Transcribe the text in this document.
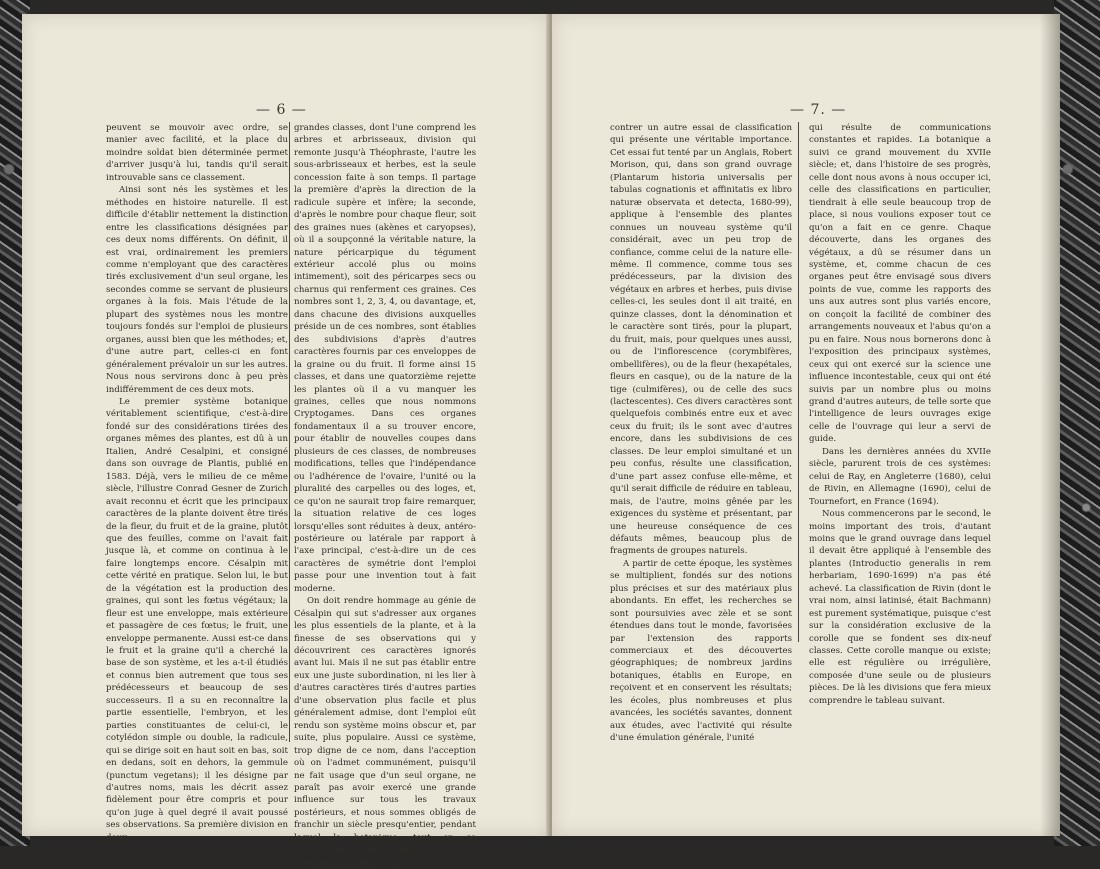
— 6 —

peuvent se mouvoir avec ordre, se manier avec facilité, et la place du moindre soldat bien déterminée permet d'arriver jusqu'à lui, tandis qu'il serait introuvable sans ce classement.

Ainsi sont nés les systèmes et les méthodes en histoire naturelle. Il est difficile d'établir nettement la distinction entre les classifications désignées par ces deux noms différents. On définit, il est vrai, ordinairement les premiers comme n'employant que des caractères tirés exclusivement d'un seul organe, les secondes comme se servant de plusieurs organes à la fois. Mais l'étude de la plupart des systèmes nous les montre toujours fondés sur l'emploi de plusieurs organes, aussi bien que les méthodes; et, d'une autre part, celles-ci en font généralement prévaloir un sur les autres. Nous nous servirons donc à peu près indifféremment de ces deux mots.

Le premier système botanique véritablement scientifique, c'est-à-dire fondé sur des considérations tirées des organes mêmes des plantes, est dû à un Italien, André Cesalpini, et consigné dans son ouvrage de Plantis, publié en 1583. Déjà, vers le milieu de ce même siècle, l'illustre Conrad Gesner de Zurich avait reconnu et écrit que les principaux caractères de la plante doivent être tirés de la fleur, du fruit et de la graine, plutôt que des feuilles, comme on l'avait fait jusque là, et comme on continua à le faire longtemps encore. Césalpin mit cette vérité en pratique. Selon lui, le but de la végétation est la production des graines, qui sont les fœtus végétaux; la fleur est une enveloppe, mais extérieure et passagère de ces fœtus; le fruit, une enveloppe permanente. Aussi est-ce dans le fruit et la graine qu'il a cherché la base de son système, et les a-t-il étudiés et connus bien autrement que tous ses prédécesseurs et beaucoup de ses successeurs. Il a su en reconnaître la partie essentielle, l'embryon, et les parties constituantes de celui-ci, le cotylédon simple ou double, la radicule, qui se dirige soit en haut soit en bas, soit en dedans, soit en dehors, la gemmule (punctum vegetans); il les désigne par d'autres noms, mais les décrit assez fidèlement pour être compris et pour qu'on juge à quel degré il avait poussé ses observations. Sa première division en deux

grandes classes, dont l'une comprend les arbres et arbrisseaux, division qui remonte jusqu'à Théophraste, l'autre les sous-arbrisseaux et herbes, est la seule concession faite à son temps. Il partage la première d'après la direction de la radicule supère et infère; la seconde, d'après le nombre pour chaque fleur, soit des graines nues (akènes et caryopses), où il a soupçonné la véritable nature, la nature péricarpique du tégument extérieur accolé plus ou moins intimement), soit des péricarpes secs ou charnus qui renferment ces graines. Ces nombres sont 1, 2, 3, 4, ou davantage, et, dans chacune des divisions auxquelles préside un de ces nombres, sont établies des subdivisions d'après d'autres caractères fournis par ces enveloppes de la graine ou du fruit. Il forme ainsi 15 classes, et dans une quatorzième rejette les plantes où il a vu manquer les graines, celles que nous nommons Cryptogames. Dans ces organes fondamentaux il a su trouver encore, pour établir de nouvelles coupes dans plusieurs de ces classes, de nombreuses modifications, telles que l'indépendance ou l'adhérence de l'ovaire, l'unité ou la pluralité des carpelles ou des loges, et, ce qu'on ne saurait trop faire remarquer, la situation relative de ces loges lorsqu'elles sont réduites à deux, antéro-postérieure ou latérale par rapport à l'axe principal, c'est-à-dire un de ces caractères de symétrie dont l'emploi passe pour une invention tout à fait moderne.

On doit rendre hommage au génie de Césalpin qui sut s'adresser aux organes les plus essentiels de la plante, et à la finesse de ses observations qui y découvrirent ces caractères ignorés avant lui. Mais il ne sut pas établir entre eux une juste subordination, ni les lier à d'autres caractères tirés d'autres parties d'une observation plus facile et plus généralement admise, dont l'emploi eût rendu son système moins obscur et, par suite, plus populaire. Aussi ce système, trop digne de ce nom, dans l'acception où on l'admet communément, puisqu'il ne fait usage que d'un seul organe, ne paraît pas avoir exercé une grande influence sur tous les travaux postérieurs, et nous sommes obligés de franchir un siècle presqu'entier, pendant lequel la botanique, tout en se perfectionnant, resta dans ses anciens errements, avant de ren-

— 7. —

contrer un autre essai de classification qui présente une véritable importance. Cet essai fut tenté par un Anglais, Robert Morison, qui, dans son grand ouvrage (Plantarum historia universalis per tabulas cognationis et affinitatis ex libro naturæ observata et detecta, 1680-99), applique à l'ensemble des plantes connues un nouveau système qu'il considérait, avec un peu trop de confiance, comme celui de la nature elle-même. Il commence, comme tous ses prédécesseurs, par la division des végétaux en arbres et herbes, puis divise celles-ci, les seules dont il ait traité, en quinze classes, dont la dénomination et le caractère sont tirés, pour la plupart, du fruit, mais, pour quelques unes aussi, ou de l'inflorescence (corymbifères, ombellifères), ou de la fleur (hexapétales, fleurs en casque), ou de la nature de la tige (culmifères), ou de celle des sucs (lactescentes). Ces divers caractères sont quelquefois combinés entre eux et avec ceux du fruit; ils le sont avec d'autres encore, dans les subdivisions de ces classes. De leur emploi simultané et un peu confus, résulte une classification, d'une part assez confuse elle-même, et qu'il serait difficile de réduire en tableau, mais, de l'autre, moins gênée par les exigences du système et présentant, par une heureuse conséquence de ces défauts mêmes, beaucoup plus de fragments de groupes naturels.

A partir de cette époque, les systèmes se multiplient, fondés sur des notions plus précises et sur des matériaux plus abondants. En effet, les recherches se sont poursuivies avec zèle et se sont étendues dans tout le monde, favorisées par l'extension des rapports commerciaux et des découvertes géographiques; de nombreux jardins botaniques, établis en Europe, en reçoivent et en conservent les résultats; les écoles, plus nombreuses et plus avancées, les sociétés savantes, donnent aux études, avec l'activité qui résulte d'une émulation générale, l'unité

qui résulte de communications constantes et rapides. La botanique a suivi ce grand mouvement du XVIIe siècle; et, dans l'histoire de ses progrès, celle dont nous avons à nous occuper ici, celle des classifications en particulier, tiendrait à elle seule beaucoup trop de place, si nous voulions exposer tout ce qu'on a fait en ce genre. Chaque découverte, dans les organes des végétaux, a dû se résumer dans un système, et, comme chacun de ces organes peut être envisagé sous divers points de vue, comme les rapports des uns aux autres sont plus variés encore, on conçoit la facilité de combiner des arrangements nouveaux et l'abus qu'on a pu en faire. Nous nous bornerons donc à l'exposition des principaux systèmes, ceux qui ont exercé sur la science une influence incontestable, ceux qui ont été suivis par un nombre plus ou moins grand d'autres auteurs, de telle sorte que l'intelligence de leurs ouvrages exige celle de l'ouvrage qui leur a servi de guide.

Dans les dernières années du XVIIe siècle, parurent trois de ces systèmes: celui de Ray, en Angleterre (1680), celui de Rivin, en Allemagne (1690), celui de Tournefort, en France (1694).

Nous commencerons par le second, le moins important des trois, d'autant moins que le grand ouvrage dans lequel il devait être appliqué à l'ensemble des plantes (Introductio generalis in rem herbariam, 1690-1699) n'a pas été achevé. La classification de Rivin (dont le vrai nom, ainsi latinisé, était Bachmann) est purement systématique, puisque c'est sur la considération exclusive de la corolle que se fondent ses dix-neuf classes. Cette corolle manque ou existe; elle est régulière ou irrégulière, composée d'une seule ou de plusieurs pièces. De là les divisions que fera mieux comprendre le tableau suivant.
